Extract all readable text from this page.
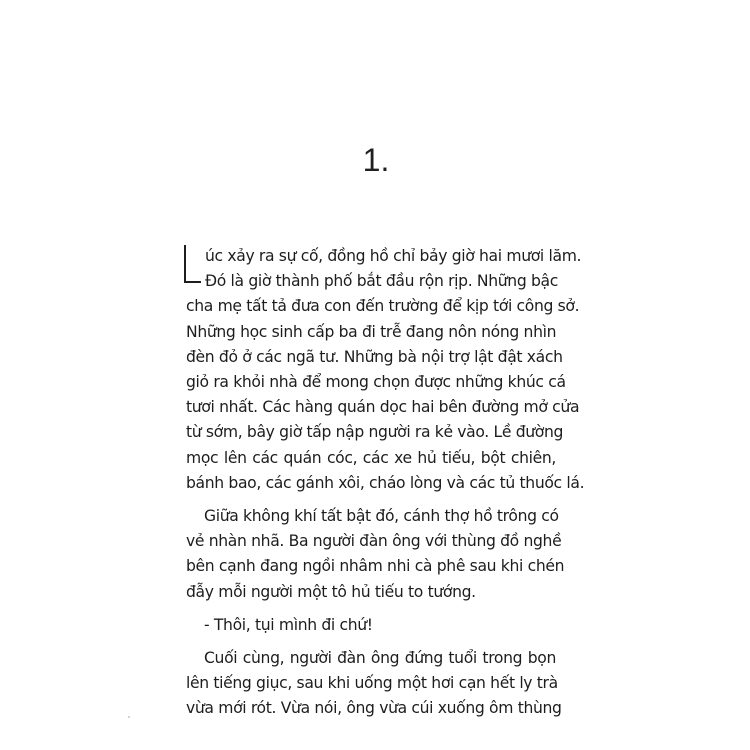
1.

úc xảy ra sự cố, đồng hồ chỉ bảy giờ hai mươi lăm.
Đó là giờ thành phố bắt đầu rộn rịp. Những bậc
cha mẹ tất tả đưa con đến trường để kịp tới công sở.
Những học sinh cấp ba đi trễ đang nôn nóng nhìn
đèn đỏ ở các ngã tư. Những bà nội trợ lật đật xách
giỏ ra khỏi nhà để mong chọn được những khúc cá
tươi nhất. Các hàng quán dọc hai bên đường mở cửa
từ sớm, bây giờ tấp nập người ra kẻ vào. Lề đường
mọc lên các quán cóc, các xe hủ tiếu, bột chiên,
bánh bao, các gánh xôi, cháo lòng và các tủ thuốc lá.

Giữa không khí tất bật đó, cánh thợ hồ trông có
vẻ nhàn nhã. Ba người đàn ông với thùng đồ nghề
bên cạnh đang ngồi nhâm nhi cà phê sau khi chén
đẫy mỗi người một tô hủ tiếu to tướng.

- Thôi, tụi mình đi chứ!

Cuối cùng, người đàn ông đứng tuổi trong bọn
lên tiếng giục, sau khi uống một hơi cạn hết ly trà
vừa mới rót. Vừa nói, ông vừa cúi xuống ôm thùng
